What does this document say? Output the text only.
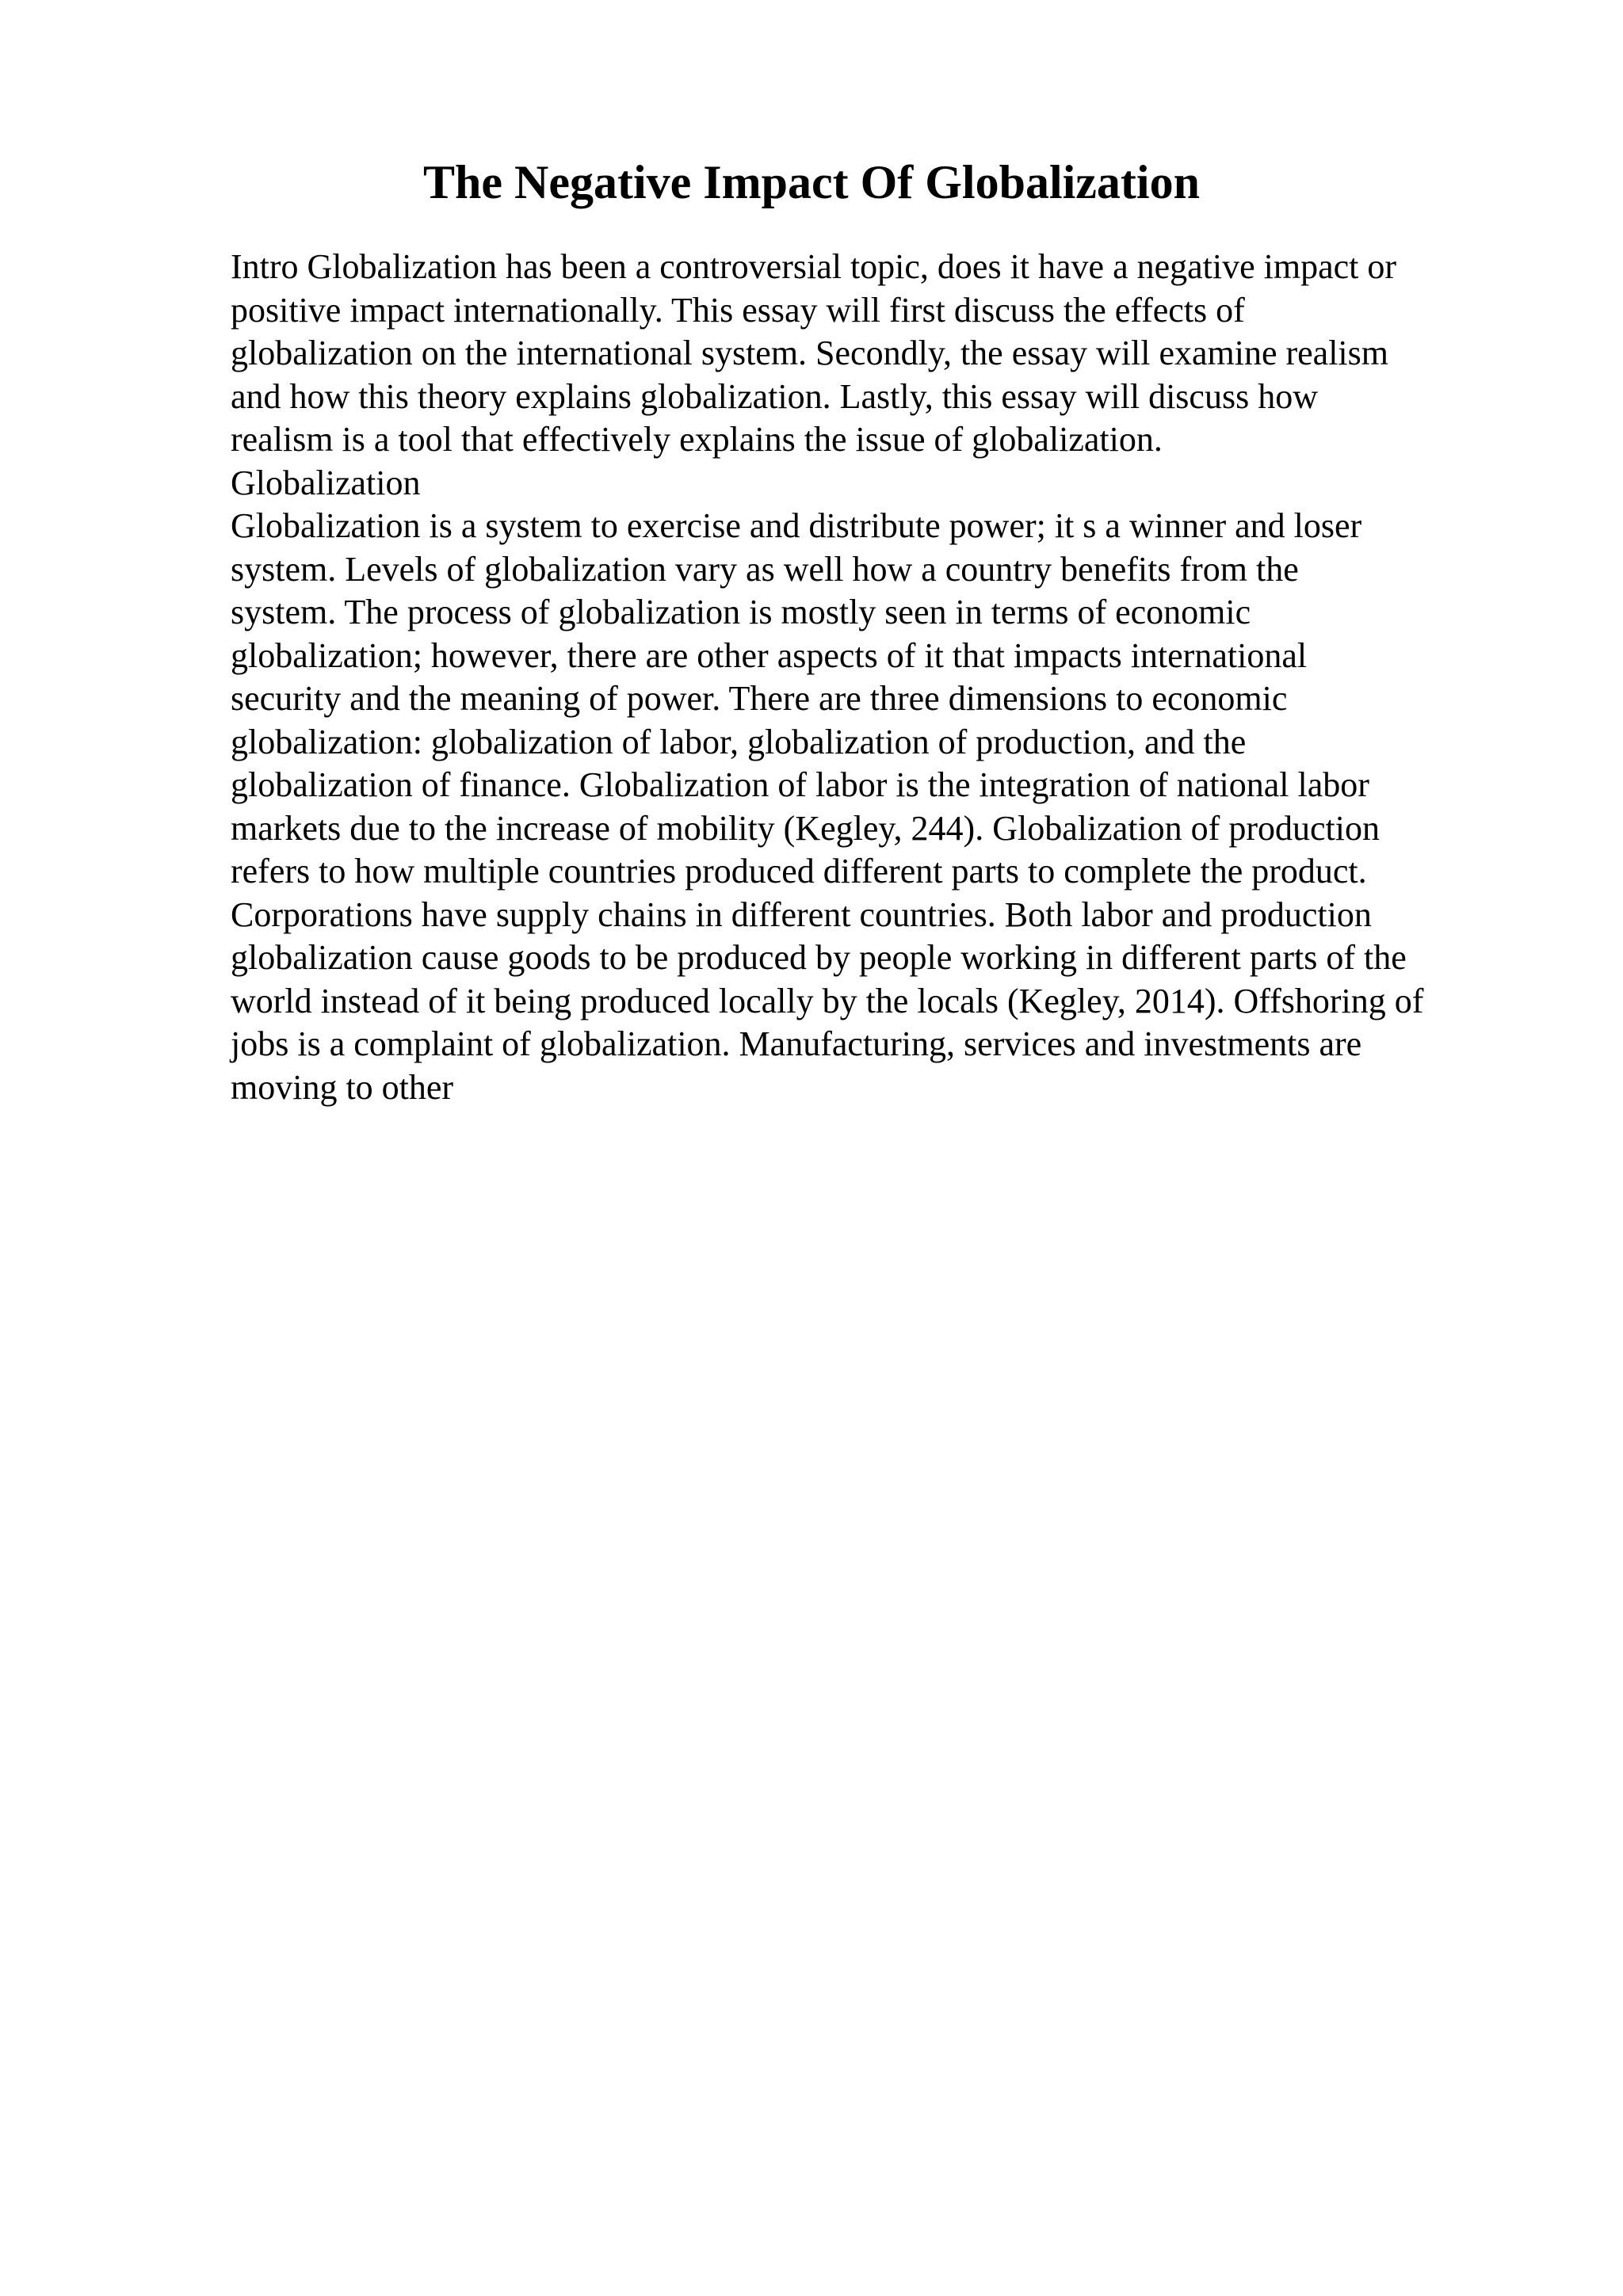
The Negative Impact Of Globalization
Intro Globalization has been a controversial topic, does it have a negative impact or
positive impact internationally. This essay will first discuss the effects of
globalization on the international system. Secondly, the essay will examine realism
and how this theory explains globalization. Lastly, this essay will discuss how
realism is a tool that effectively explains the issue of globalization.
Globalization
Globalization is a system to exercise and distribute power; it s a winner and loser
system. Levels of globalization vary as well how a country benefits from the
system. The process of globalization is mostly seen in terms of economic
globalization; however, there are other aspects of it that impacts international
security and the meaning of power. There are three dimensions to economic
globalization: globalization of labor, globalization of production, and the
globalization of finance. Globalization of labor is the integration of national labor
markets due to the increase of mobility (Kegley, 244). Globalization of production
refers to how multiple countries produced different parts to complete the product.
Corporations have supply chains in different countries. Both labor and production
globalization cause goods to be produced by people working in different parts of the
world instead of it being produced locally by the locals (Kegley, 2014). Offshoring of
jobs is a complaint of globalization. Manufacturing, services and investments are
moving to other
